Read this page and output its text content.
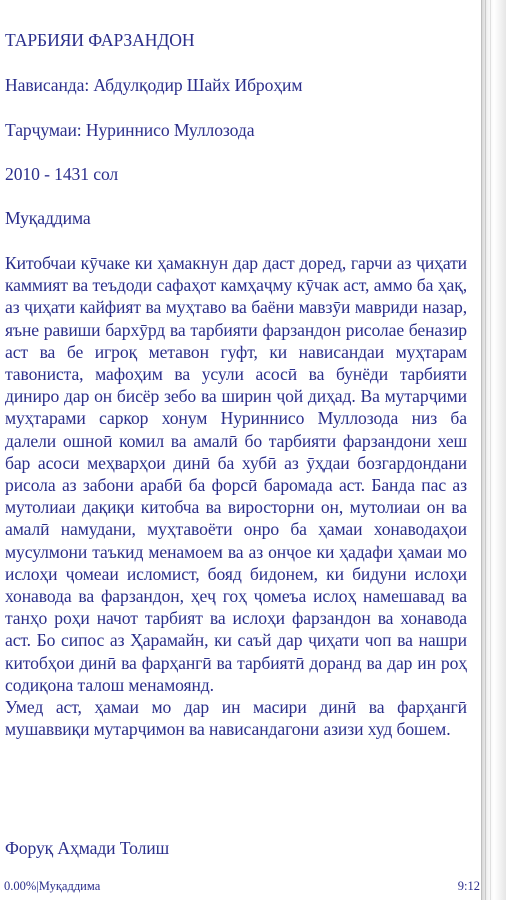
ТАРБИЯИ ФАРЗАНДОН

Нависанда: Абдулқодир Шайх Иброҳим

Тарҷумаи: Нуриннисо Муллозода

2010 - 1431 сол

Муқаддима

Китобчаи кӯчаке ки ҳамакнун дар даст доред, гарчи аз ҷиҳати каммият ва теъдоди сафаҳот камҳаҷму кӯчак аст, аммо ба ҳақ, аз ҷиҳати кайфият ва муҳтаво ва баёни мавзӯи мавриди назар, яъне равиши бархӯрд ва тарбияти фарзандон рисолае беназир аст ва бе игроқ метавон гуфт, ки нависандаи муҳтарам тавониста, мафоҳим ва усули асосӣ ва бунёди тарбияти диниро дар он бисёр зебо ва ширин ҷой диҳад. Ва мутарҷими муҳтарами саркор хонум Нуриннисо Муллозода низ ба далели ошноӣ комил ва амалӣ бо тарбияти фарзандони хеш бар асоси меҳварҳои динӣ ба хубӣ аз ӯҳдаи бозгардондани рисола аз забони арабӣ ба форсӣ баромада аст. Банда пас аз мутолиаи дақиқи китобча ва виросторни он, мутолиаи он ва амалӣ намудани, муҳтавоёти онро ба ҳамаи хонаводаҳои мусулмони таъкид менамоем ва аз онҷое ки ҳадафи ҳамаи мо ислоҳи ҷомеаи исломист, бояд бидонем, ки бидуни ислоҳи хонавода ва фарзандон, ҳеҷ гоҳ ҷомеъа ислоҳ намешавад ва танҳо роҳи начот тарбият ва ислоҳи фарзандон ва хонавода аст. Бо сипос аз Ҳарамайн, ки саъй дар ҷиҳати чоп ва нашри китобҳои динӣ ва фарҳангӣ ва тарбиятӣ доранд ва дар ин роҳ содиқона талош менамоянд.

Умед аст, ҳамаи мо дар ин масири динӣ ва фарҳангӣ мушаввиқи мутарҷимон ва нависандагони азизи худ бошем.

Форуқ Аҳмади Толиш

0.00%|Муқаддима	9:12
